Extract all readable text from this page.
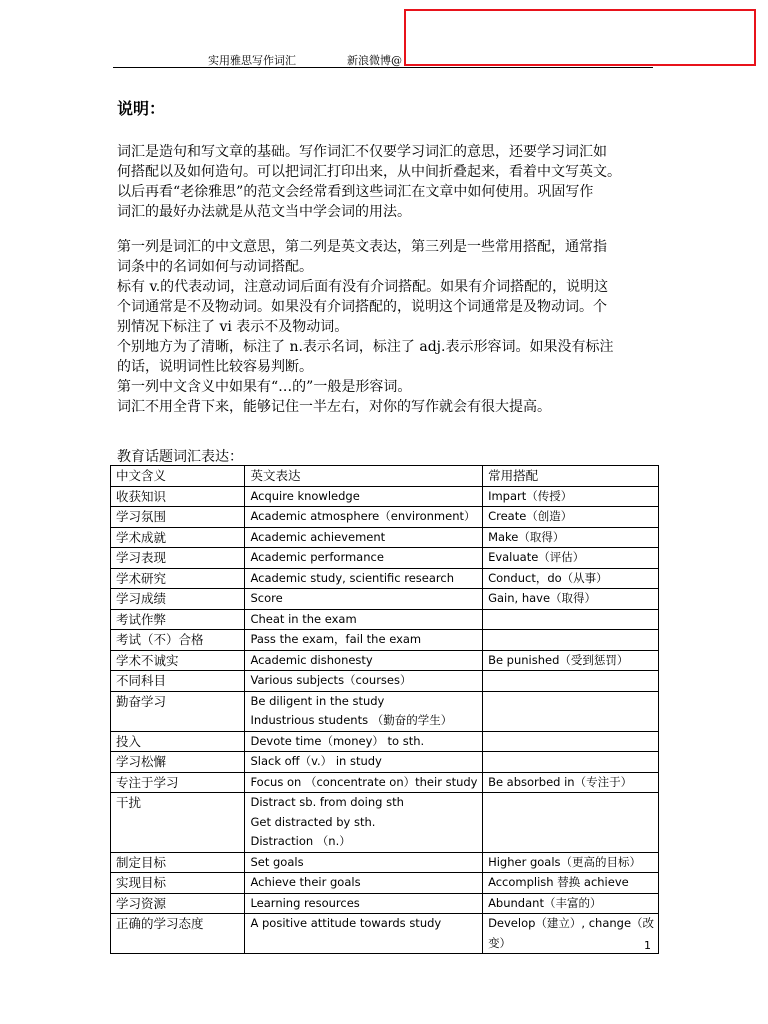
实用雅思写作词汇	新浪微博@
说明：

词汇是造句和写文章的基础。写作词汇不仅要学习词汇的意思，还要学习词汇如

何搭配以及如何造句。可以把词汇打印出来，从中间折叠起来，看着中文写英文。

以后再看“老徐雅思”的范文会经常看到这些词汇在文章中如何使用。巩固写作

词汇的最好办法就是从范文当中学会词的用法。

第一列是词汇的中文意思，第二列是英文表达，第三列是一些常用搭配，通常指

词条中的名词如何与动词搭配。

标有 v.的代表动词，注意动词后面有没有介词搭配。如果有介词搭配的，说明这

个词通常是不及物动词。如果没有介词搭配的，说明这个词通常是及物动词。个

别情况下标注了 vi 表示不及物动词。

个别地方为了清晰，标注了 n.表示名词，标注了 adj.表示形容词。如果没有标注

的话，说明词性比较容易判断。

第一列中文含义中如果有“…的”一般是形容词。

词汇不用全背下来，能够记住一半左右，对你的写作就会有很大提高。

教育话题词汇表达：
中文含义	英文表达	常用搭配
收获知识	Acquire knowledge	Impart（传授）

学习氛围	Academic atmosphere（environment）	Create（创造）

学术成就	Academic achievement	Make（取得）

学习表现	Academic performance	Evaluate（评估）

学术研究	Academic study, scientific research	Conduct，do（从事）

学习成绩	Score	Gain, have（取得）

考试作弊	Cheat in the exam	

考试（不）合格	Pass the exam，fail the exam	

学术不诚实	Academic dishonesty	Be punished（受到惩罚）

不同科目	Various subjects（courses）	

勤奋学习	Be diligent in the study
Industrious students （勤奋的学生）	

投入	Devote time（money） to sth.	

学习松懈	Slack off（v.） in study	

专注于学习	Focus on （concentrate on）their study	Be absorbed in（专注于）

干扰	Distract sb. from doing sth
Get distracted by sth.
Distraction （n.）	

制定目标	Set goals	Higher goals（更高的目标）

实现目标	Achieve their goals	Accomplish 替换 achieve

学习资源	Learning resources	Abundant（丰富的）

正确的学习态度	A positive attitude towards study	Develop（建立）, change（改
变）	1
